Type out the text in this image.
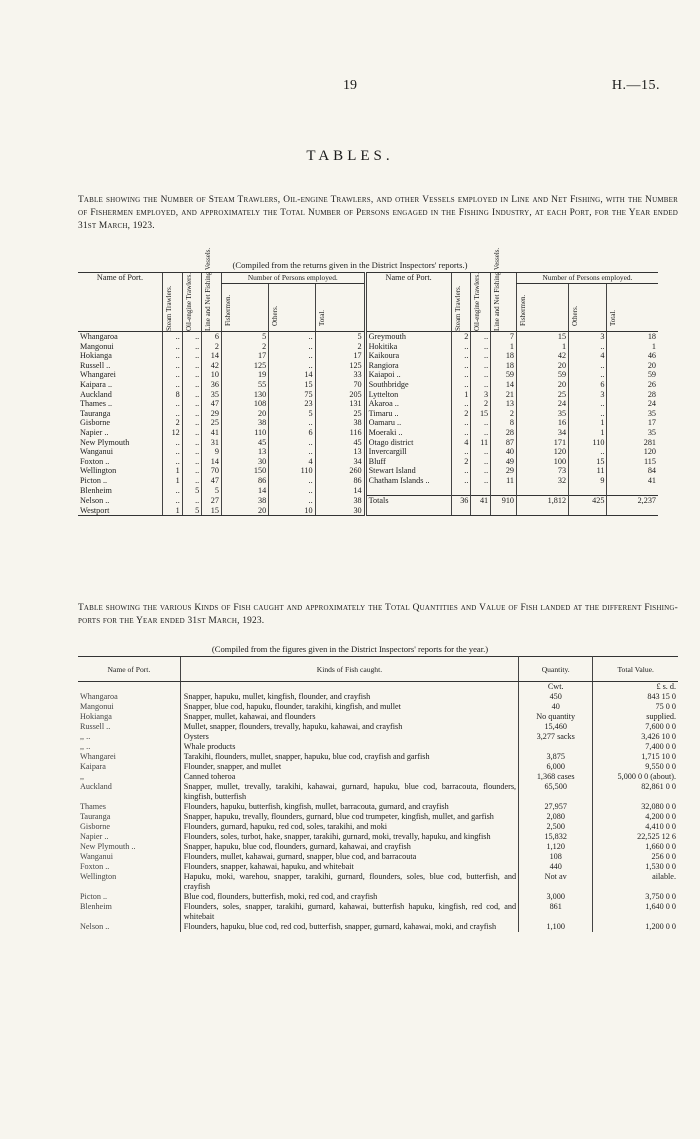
19	H.—15.
TABLES.
Table showing the Number of Steam Trawlers, Oil-engine Trawlers, and other Vessels employed in Line and Net Fishing, with the Number of Fishermen employed, and approximately the Total Number of Persons engaged in the Fishing Industry, at each Port, for the Year ended 31st March, 1923.
(Compiled from the returns given in the District Inspectors' reports.)
Name of Port.	Steam Trawlers.	Oil-engine Trawlers.	Line and Net Fishing Vessels.	Number of Persons employed.			Name of Port.	Steam Trawlers.	Oil-engine Trawlers.	Line and Net Fishing Vessels.	Number of Persons employed.		

				Fishermen.	Others.	Total.					Fishermen.	Others.	Total.

Whangaroa	..	..	6	5	..	5	Greymouth	2	..	7	15	3	18
Mangonui	..	..	2	2	..	2	Hokitika	..	..	1	1	..	1
Hokianga	..	..	14	17	..	17	Kaikoura	..	..	18	42	4	46
Russell ..	..	..	42	125	..	125	Rangiora	..	..	18	20	..	20
Whangarei	..	..	10	19	14	33	Kaiapoi ..	..	..	59	59	..	59
Kaipara ..	..	..	36	55	15	70	Southbridge	..	..	14	20	6	26
Auckland	8	..	35	130	75	205	Lyttelton	1	3	21	25	3	28
Thames ..	..	..	47	108	23	131	Akaroa ..	..	2	13	24	..	24
Tauranga	..	..	29	20	5	25	Timaru ..	2	15	2	35	..	35
Gisborne	2	..	25	38	..	38	Oamaru ..	..	..	8	16	1	17
Napier ..	12	..	41	110	6	116	Moeraki ..	..	..	28	34	1	35
New Plymouth	..	..	31	45	..	45	Otago district	4	11	87	171	110	281
Wanganui	..	..	9	13	..	13	Invercargill	..	..	40	120	..	120
Foxton ..	..	..	14	30	4	34	Bluff	2	..	49	100	15	115
Wellington	1	..	70	150	110	260	Stewart Island	..	..	29	73	11	84
Picton ..	1	..	47	86	..	86	Chatham Islands ..	..	..	11	32	9	41
Blenheim	..	5	5	14	..	14							
Nelson ..	..	..	27	38	..	38	Totals	36	41	910	1,812	425	2,237
Westport	1	5	15	20	10	30							
Table showing the various Kinds of Fish caught and approximately the Total Quantities and Value of Fish landed at the different Fishing-ports for the Year ended 31st March, 1923.
(Compiled from the figures given in the District Inspectors' reports for the year.)
Name of Port.	Kinds of Fish caught.	Quantity.	Total Value.
		Cwt.	£ s. d.
Whangaroa	Snapper, hapuku, mullet, kingfish, flounder, and crayfish	450	843 15 0
Mangonui	Snapper, blue cod, hapuku, flounder, tarakihi, kingfish, and mullet	40	75 0 0
Hokianga	Snapper, mullet, kahawai, and flounders	No quantity	supplied.
Russell ..	Mullet, snapper, flounders, trevally, hapuku, kahawai, and crayfish	15,460	7,600 0 0
,, ..	Oysters	3,277 sacks	3,426 10 0
,, ..	Whale products		7,400 0 0
Whangarei	Tarakihi, flounders, mullet, snapper, hapuku, blue cod, crayfish and garfish	3,875	1,715 10 0
Kaipara	Flounder, snapper, and mullet	6,000	9,550 0 0
,,	Canned toheroa	1,368 cases	5,000 0 0 (about).
Auckland	Snapper, mullet, trevally, tarakihi, kahawai, gurnard, hapuku, blue cod, barracouta, flounders, kingfish, butterfish	65,500	82,861 0 0
Thames	Flounders, hapuku, butterfish, kingfish, mullet, barracouta, gurnard, and crayfish	27,957	32,080 0 0
Tauranga	Snapper, hapuku, trevally, flounders, gurnard, blue cod trumpeter, kingfish, mullet, and garfish	2,080	4,200 0 0
Gisborne	Flounders, gurnard, hapuku, red cod, soles, tarakihi, and moki	2,500	4,410 0 0
Napier ..	Flounders, soles, turbot, hake, snapper, tarakihi, gurnard, moki, trevally, hapuku, and kingfish	15,832	22,525 12 6
New Plymouth ..	Snapper, hapuku, blue cod, flounders, gurnard, kahawai, and crayfish	1,120	1,660 0 0
Wanganui	Flounders, mullet, kahawai, gurnard, snapper, blue cod, and barracouta	108	256 0 0
Foxton ..	Flounders, snapper, kahawai, hapuku, and whitebait	440	1,530 0 0
Wellington	Hapuku, moki, warehou, snapper, tarakihi, gurnard, flounders, soles, blue cod, butterfish, and crayfish	Not av	ailable.
Picton ..	Blue cod, flounders, butterfish, moki, red cod, and crayfish	3,000	3,750 0 0
Blenheim	Flounders, soles, snapper, tarakihi, gurnard, kahawai, butterfish hapuku, kingfish, red cod, and whitebait	861	1,640 0 0
Nelson ..	Flounders, hapuku, blue cod, red cod, butterfish, snapper, gurnard, kahawai, moki, and crayfish	1,100	1,200 0 0
